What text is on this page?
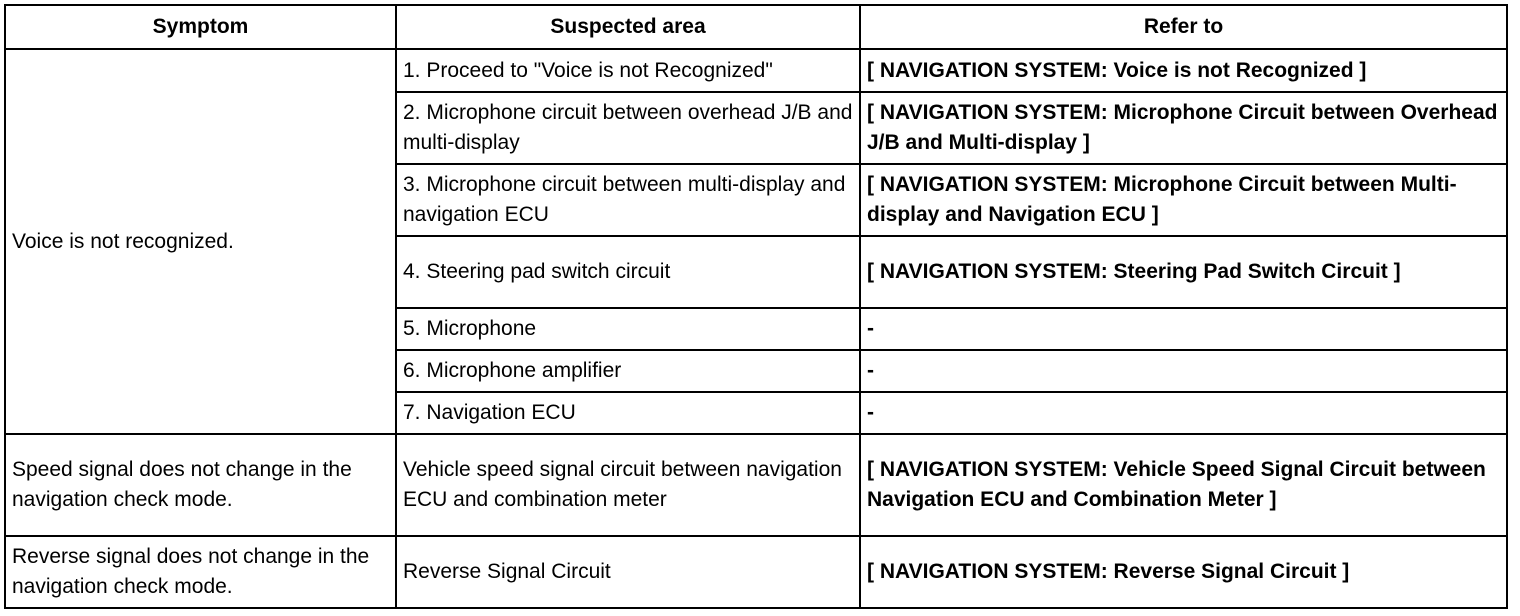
Symptom	Suspected area	Refer to
Voice is not recognized.	1. Proceed to "Voice is not Recognized"	[ NAVIGATION SYSTEM: Voice is not Recognized ]
	2. Microphone circuit between overhead J/B and multi-display	[ NAVIGATION SYSTEM: Microphone Circuit between Overhead J/B and Multi-display ]
	3. Microphone circuit between multi-display and navigation ECU	[ NAVIGATION SYSTEM: Microphone Circuit between Multi-display and Navigation ECU ]
	4. Steering pad switch circuit	[ NAVIGATION SYSTEM: Steering Pad Switch Circuit ]
	5. Microphone	-
	6. Microphone amplifier	-
	7. Navigation ECU	-
Speed signal does not change in the navigation check mode.	Vehicle speed signal circuit between navigation ECU and combination meter	[ NAVIGATION SYSTEM: Vehicle Speed Signal Circuit between Navigation ECU and Combination Meter ]
Reverse signal does not change in the navigation check mode.	Reverse Signal Circuit	[ NAVIGATION SYSTEM: Reverse Signal Circuit ]
